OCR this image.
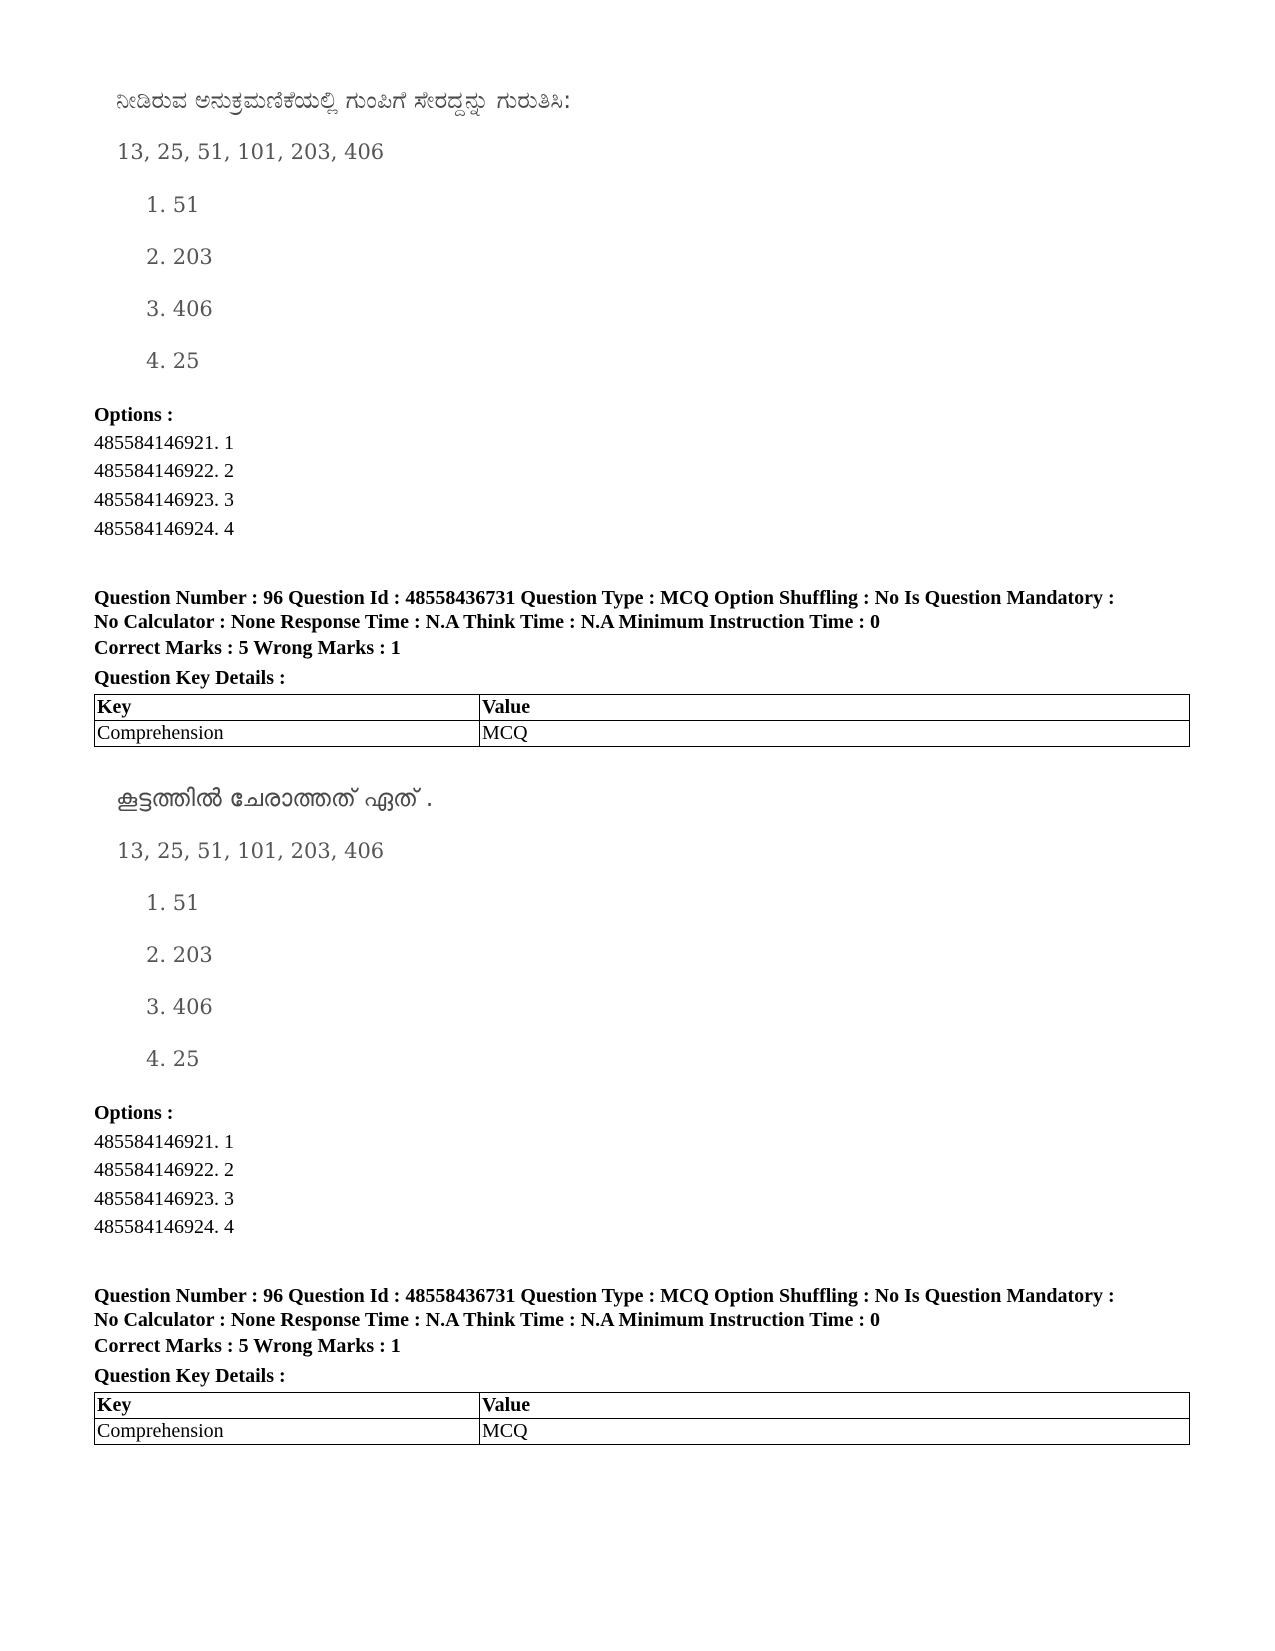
ನೀಡಿರುವ ಅನುಕ್ರಮಣಿಕೆಯಲ್ಲಿ ಗುಂಪಿಗೆ ಸೇರದ್ದನ್ನು ಗುರುತಿಸಿ:
13, 25, 51, 101, 203, 406
1. 51
2. 203
3. 406
4. 25
Options :
485584146921. 1
485584146922. 2
485584146923. 3
485584146924. 4
Question Number : 96 Question Id : 48558436731 Question Type : MCQ Option Shuffling : No Is Question Mandatory :
No Calculator : None Response Time : N.A Think Time : N.A Minimum Instruction Time : 0
Correct Marks : 5 Wrong Marks : 1
Question Key Details :
Key	Value
Comprehension	MCQ
കൂട്ടത്തിൽ ചേരാത്തത് ഏത് .
13, 25, 51, 101, 203, 406
1. 51
2. 203
3. 406
4. 25
Options :
485584146921. 1
485584146922. 2
485584146923. 3
485584146924. 4
Question Number : 96 Question Id : 48558436731 Question Type : MCQ Option Shuffling : No Is Question Mandatory :
No Calculator : None Response Time : N.A Think Time : N.A Minimum Instruction Time : 0
Correct Marks : 5 Wrong Marks : 1
Question Key Details :
Key	Value
Comprehension	MCQ
